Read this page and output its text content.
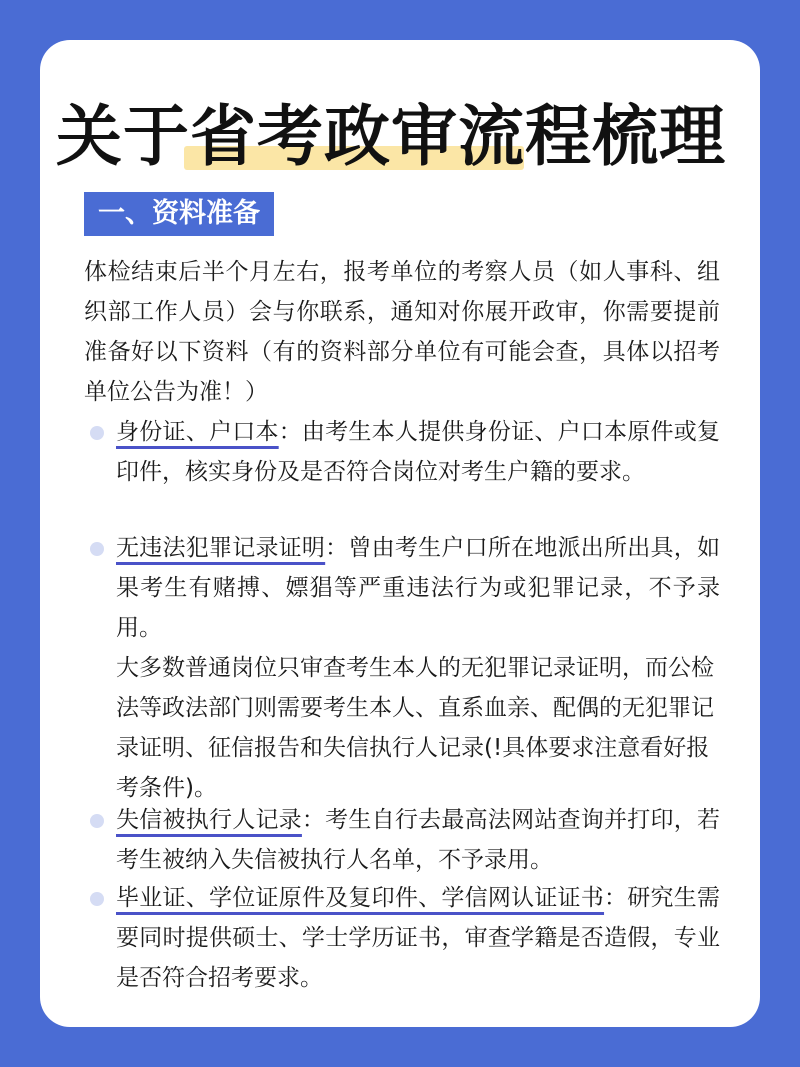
关于省考政审流程梳理
一、资料准备
体检结束后半个月左右，报考单位的考察人员（如人事科、组织部工作人员）会与你联系，通知对你展开政审，你需要提前准备好以下资料（有的资料部分单位有可能会查，具体以招考单位公告为准！）
身份证、户口本：由考生本人提供身份证、户口本原件或复印件，核实身份及是否符合岗位对考生户籍的要求。
无违法犯罪记录证明：曾由考生户口所在地派出所出具，如果考生有赌搏、嫖猖等严重违法行为或犯罪记录，不予录用。
大多数普通岗位只审查考生本人的无犯罪记录证明，而公检法等政法部门则需要考生本人、直系血亲、配偶的无犯罪记录证明、征信报告和失信执行人记录(!具体要求注意看好报考条件)。
失信被执行人记录：考生自行去最高法网站查询并打印，若考生被纳入失信被执行人名单，不予录用。
毕业证、学位证原件及复印件、学信网认证证书：研究生需要同时提供硕士、学士学历证书，审查学籍是否造假，专业是否符合招考要求。
